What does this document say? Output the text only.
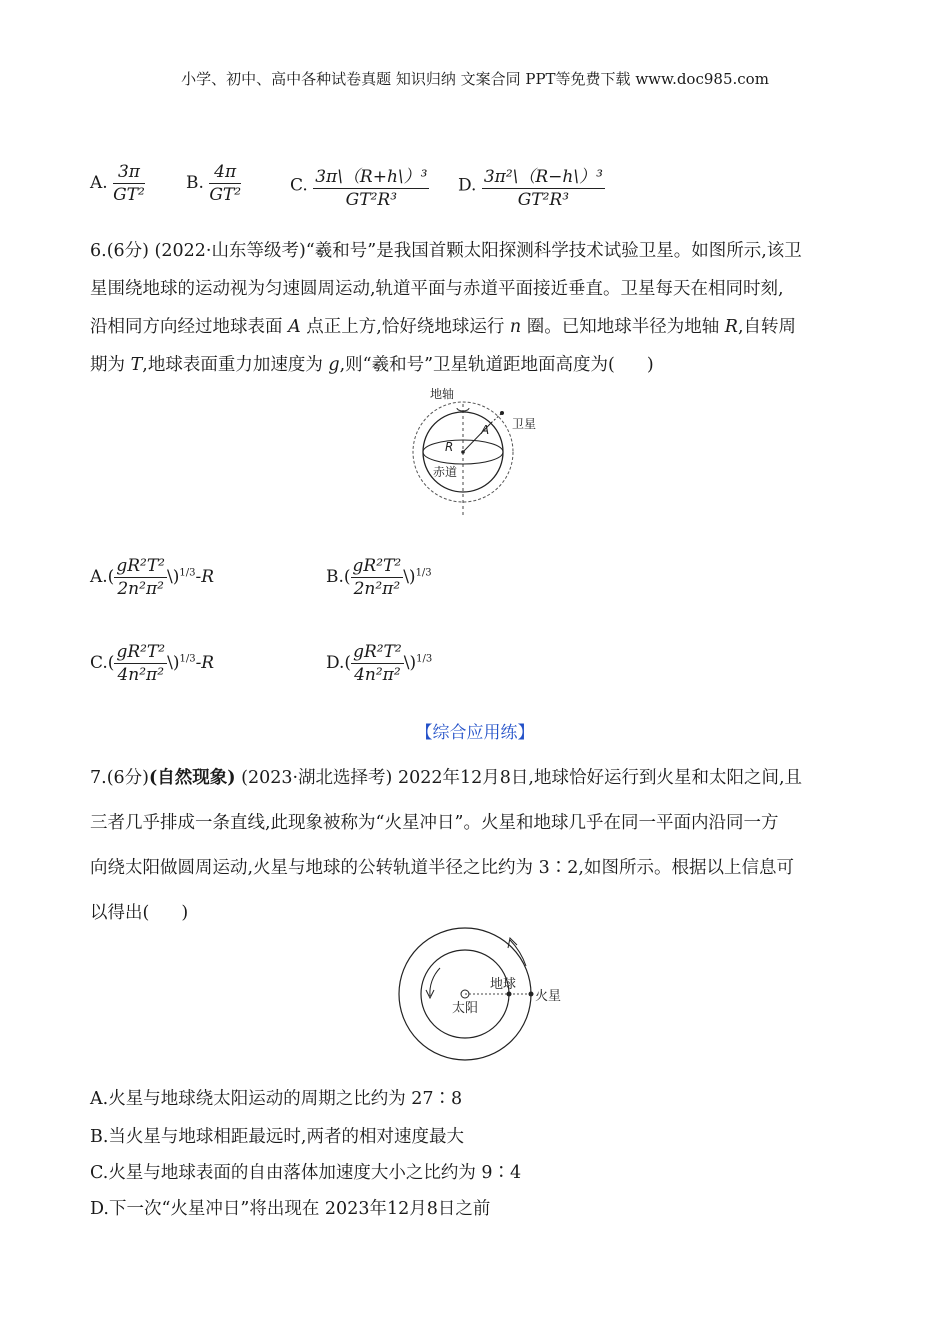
小学、初中、高中各种试卷真题 知识归纳 文案合同 PPT等免费下载 www.doc985.com
A. $\frac{3\pi}{\text{GT²}} B$. $\frac{4\pi}{\text{GT²}}$	C. $\frac{\text{3π\textbackslash{}（R+h\textbackslash{}）³}}{\text{GT²R³}} D$. $\frac{\text{3π²\textbackslash{}（R−h\textbackslash{}）³}}{\text{GT²R³}}$
6.(6分) (2022·山东等级考)“羲和号”是我国首颗太阳探测科学技术试验卫星。如图所示,该卫
星围绕地球的运动视为匀速圆周运动,轨道平面与赤道平面接近垂直。卫星每天在相同时刻,
沿相同方向经过地球表面 A 点正上方,恰好绕地球运行 n 圈。已知地球半径为地轴 R,自转周
期为 T,地球表面重力加速度为 g,则“羲和号”卫星轨道距地面高度为( )
地轴
卫星
A
R
赤道
$A.( \frac{\text{gR²T²}}{\text{2n²π²}}$ \)$^{1/3}$-R	$B.( \frac{\text{gR²T²}}{\text{2n²π²}}$ \)$^{1/3}$
$C.( \frac{\text{gR²T²}}{\text{4n²π²}}$ \)$^{1/3}$-R	$D.( \frac{\text{gR²T²}}{\text{4n²π²}}$ \)$^{1/3}$
【综合应用练】
7.(6分)(自然现象) (2023·湖北选择考) 2022年12月8日,地球恰好运行到火星和太阳之间,且
三者几乎排成一条直线,此现象被称为“火星冲日”。火星和地球几乎在同一平面内沿同一方
向绕太阳做圆周运动,火星与地球的公转轨道半径之比约为 3∶2,如图所示。根据以上信息可
以得出( )
太阳
地球
火星
A.火星与地球绕太阳运动的周期之比约为 27∶8
B.当火星与地球相距最远时,两者的相对速度最大
C.火星与地球表面的自由落体加速度大小之比约为 9∶4
D.下一次“火星冲日”将出现在 2023年12月8日之前
